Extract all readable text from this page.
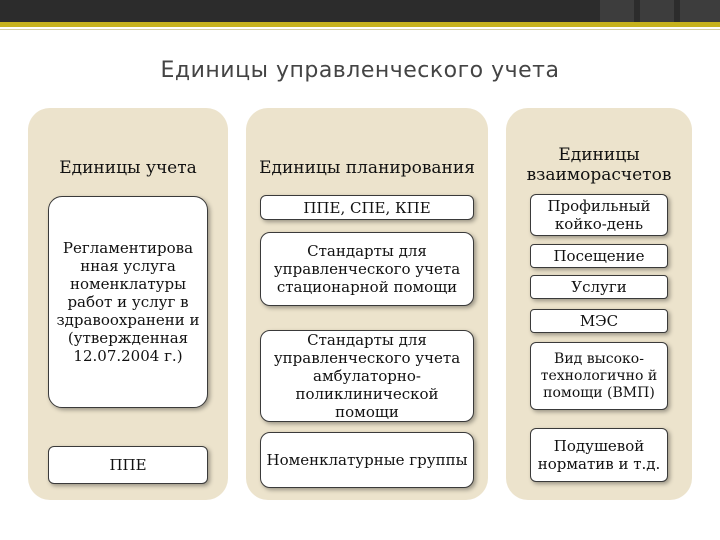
Единицы управленческого учета
Единицы учета
Регламентирова нная услуга номенклатуры работ и услуг в здравоохранени и (утвержденная 12.07.2004 г.)
ППЕ
Единицы планирования
ППЕ, СПЕ, КПЕ
Стандарты для управленческого учета стационарной помощи
Стандарты для управленческого учета амбулаторно-поликлинической помощи
Номенклатурные группы
Единицы взаиморасчетов
Профильный койко-день
Посещение
Услуги
МЭС
Вид высоко-технологично й помощи (ВМП)
Подушевой норматив и т.д.
